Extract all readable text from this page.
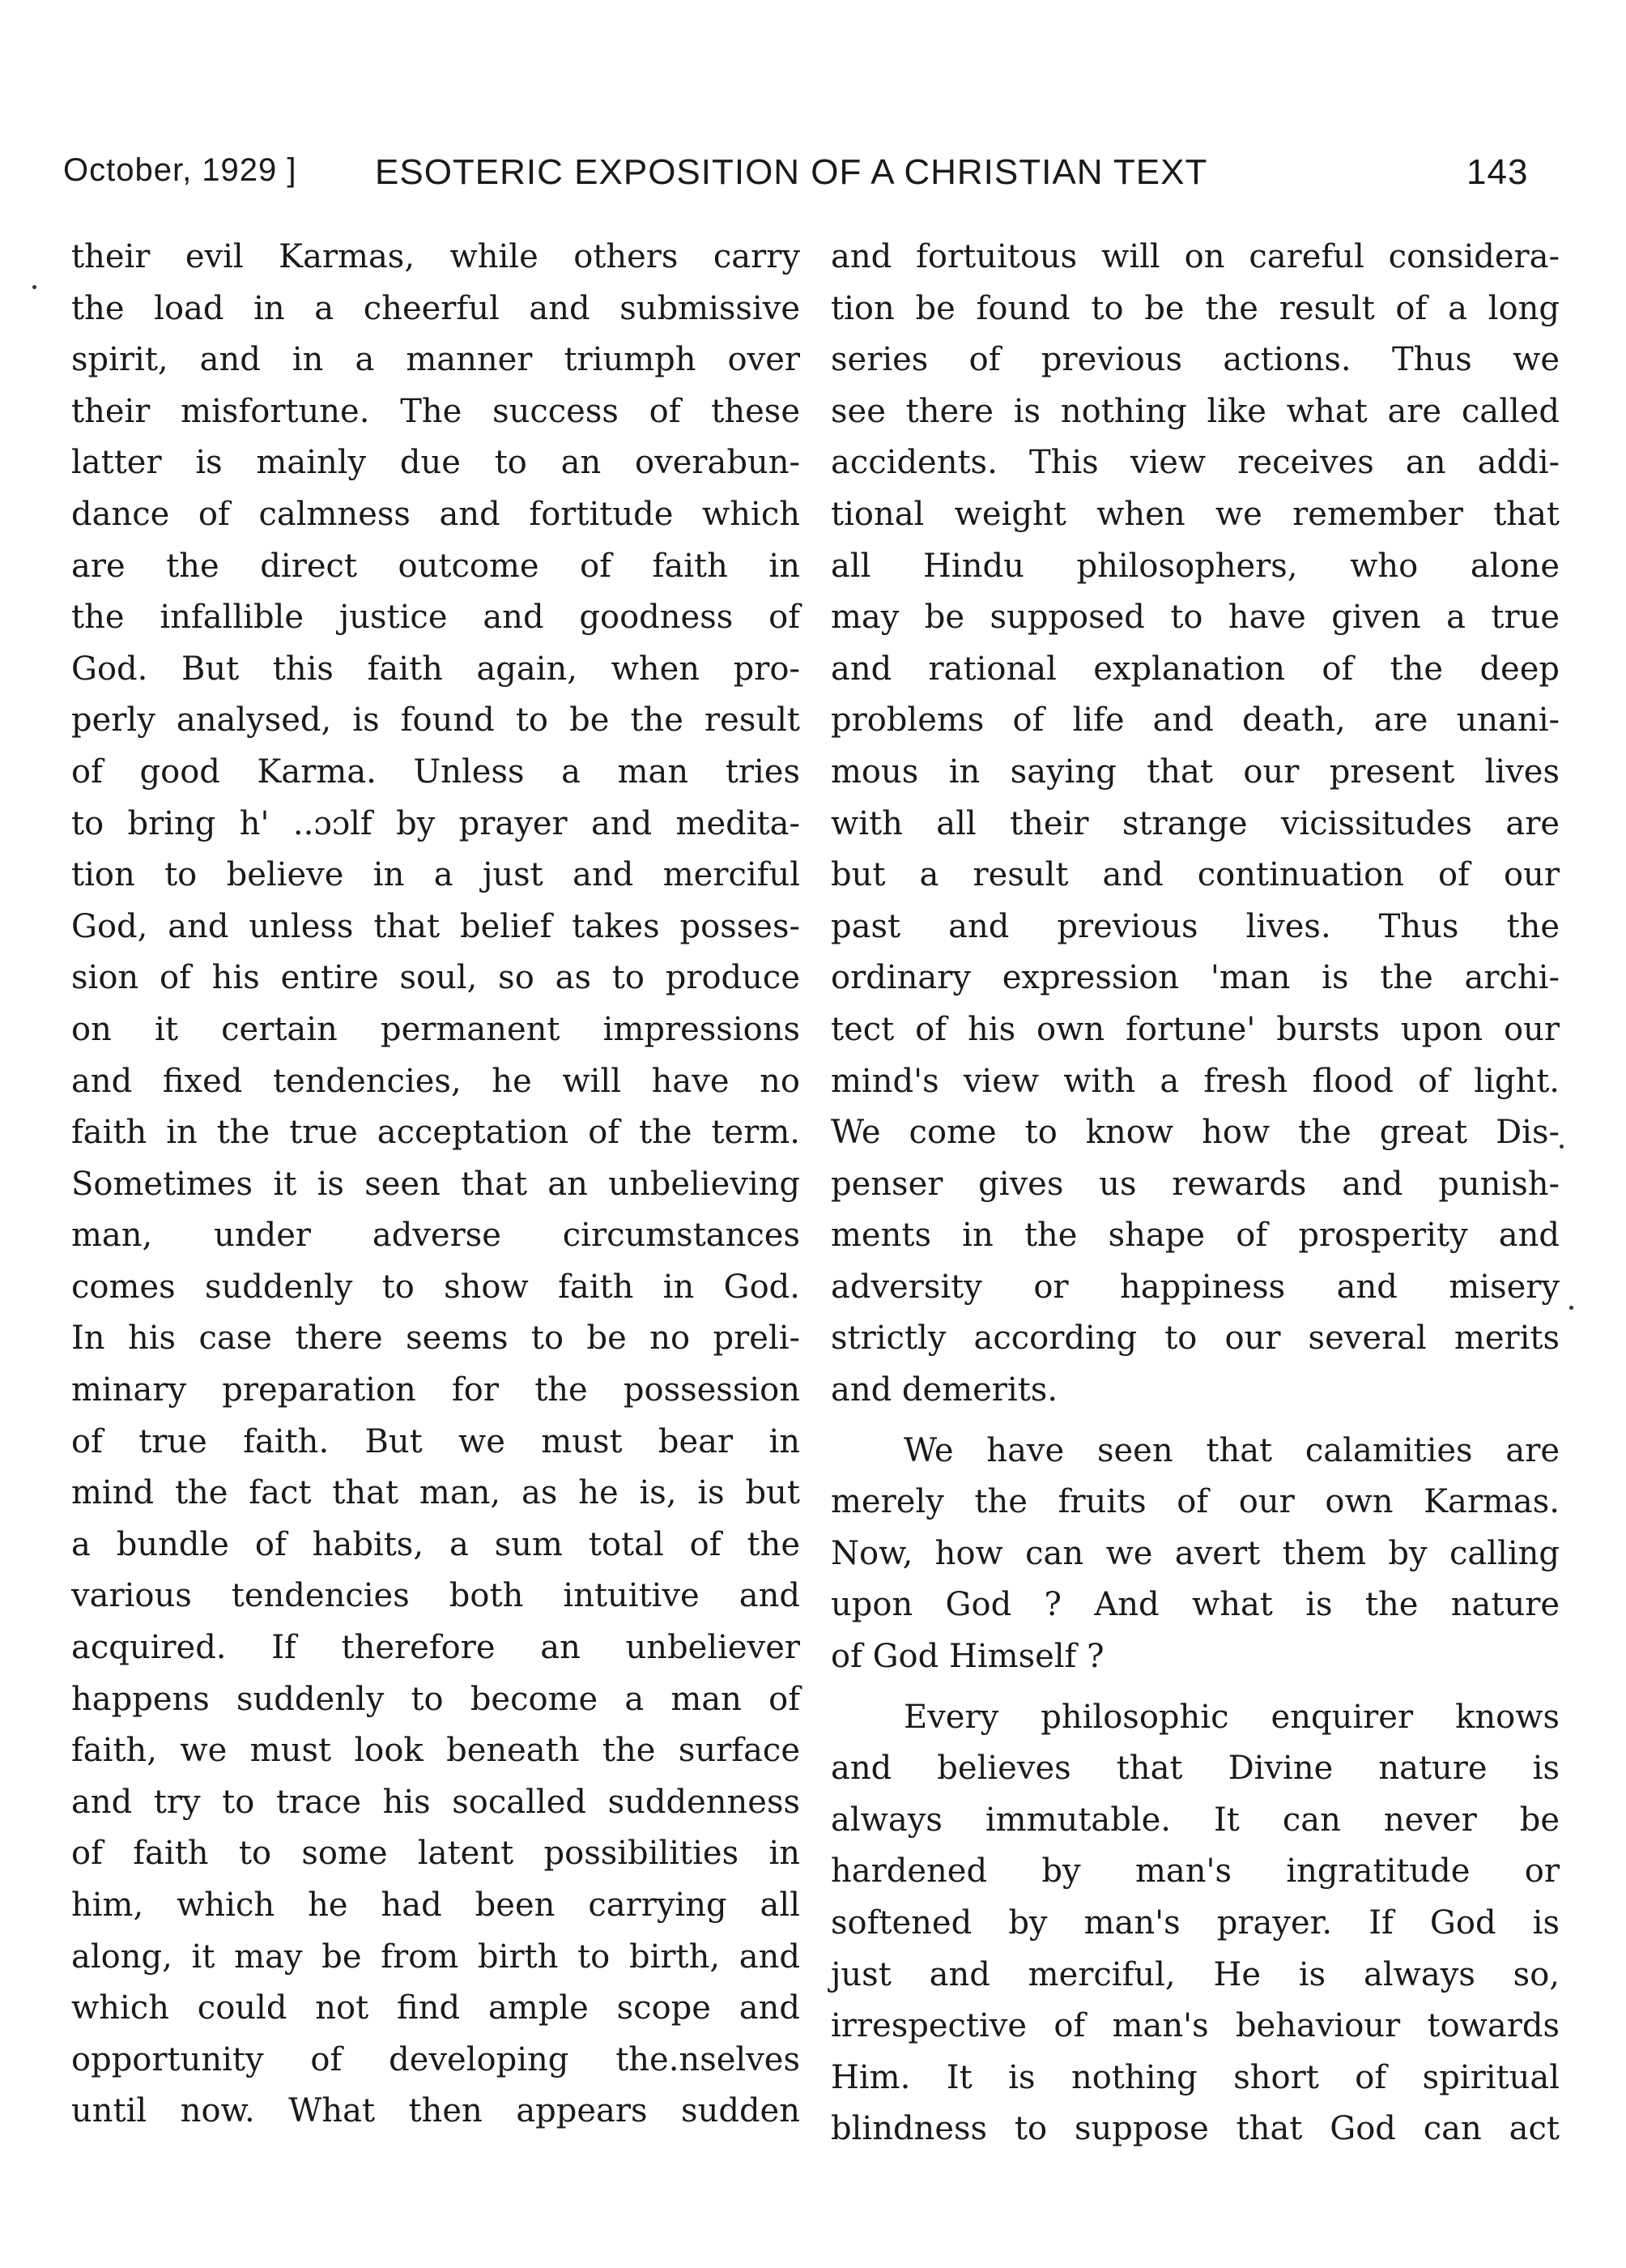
October, 1929 ] ESOTERIC EXPOSITION OF A CHRISTIAN TEXT	143
their evil Karmas, while others carry
the load in a cheerful and submissive
spirit, and in a manner triumph over
their misfortune. The success of these
latter is mainly due to an overabun-
dance of calmness and fortitude which
are the direct outcome of faith in
the infallible justice and goodness of
God. But this faith again, when pro-
perly analysed, is found to be the result
of good Karma. Unless a man tries
to bring h' ..ɔɔlf by prayer and medita-
tion to believe in a just and merciful
God, and unless that belief takes posses-
sion of his entire soul, so as to produce
on it certain permanent impressions
and fixed tendencies, he will have no
faith in the true acceptation of the term.
Sometimes it is seen that an unbelieving
man, under adverse circumstances
comes suddenly to show faith in God.
In his case there seems to be no preli-
minary preparation for the possession
of true faith. But we must bear in
mind the fact that man, as he is, is but
a bundle of habits, a sum total of the
various tendencies both intuitive and
acquired. If therefore an unbeliever
happens suddenly to become a man of
faith, we must look beneath the surface
and try to trace his socalled suddenness
of faith to some latent possibilities in
him, which he had been carrying all
along, it may be from birth to birth, and
which could not find ample scope and
opportunity of developing the.nselves
until now. What then appears sudden
and fortuitous will on careful considera-
tion be found to be the result of a long
series of previous actions. Thus we
see there is nothing like what are called
accidents. This view receives an addi-
tional weight when we remember that
all Hindu philosophers, who alone
may be supposed to have given a true
and rational explanation of the deep
problems of life and death, are unani-
mous in saying that our present lives
with all their strange vicissitudes are
but a result and continuation of our
past and previous lives. Thus the
ordinary expression 'man is the archi-
tect of his own fortune' bursts upon our
mind's view with a fresh flood of light.
We come to know how the great Dis-
penser gives us rewards and punish-
ments in the shape of prosperity and
adversity or happiness and misery
strictly according to our several merits
and demerits.
We have seen that calamities are
merely the fruits of our own Karmas.
Now, how can we avert them by calling
upon God ? And what is the nature
of God Himself ?
Every philosophic enquirer knows
and believes that Divine nature is
always immutable. It can never be
hardened by man's ingratitude or
softened by man's prayer. If God is
just and merciful, He is always so,
irrespective of man's behaviour towards
Him. It is nothing short of spiritual
blindness to suppose that God can act
